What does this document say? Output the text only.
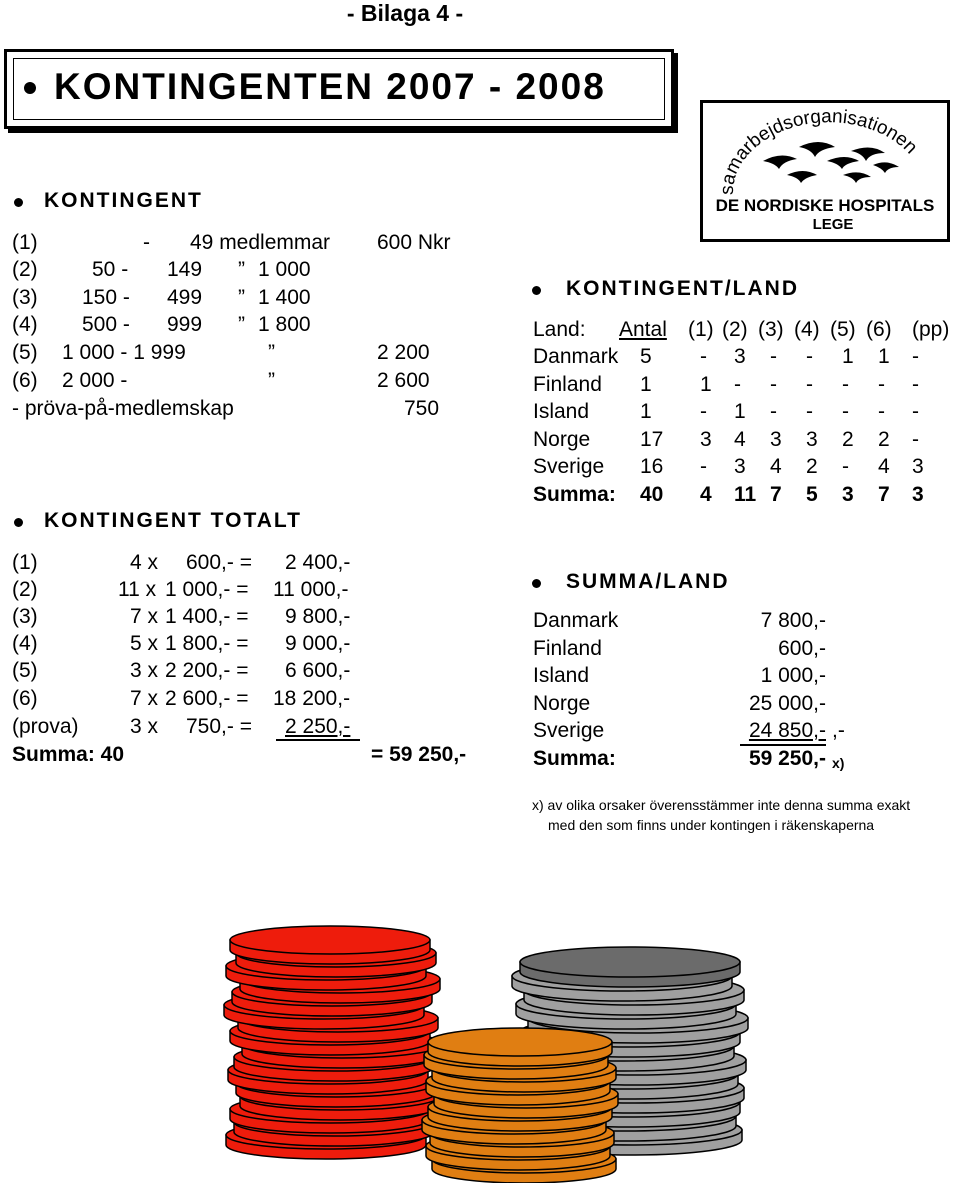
- Bilaga 4 -
KONTINGENTEN 2007 - 2008
samarbejdsorganisationen
DE NORDISKE HOSPITALS
LEGE
KONTINGENT
(1)	- 49 medlemmar 600 Nkr
(2)	50 - 149 ” 1 000
(3) 150 - 499 ” 1 400
(4) 500 - 999 ” 1 800
(5) 1 000 - 1 999	”	2 200
(6) 2 000 -	”	2 600
- pröva-på-medlemskap	750
KONTINGENT TOTALT
(1)	4 x 600,- = 2 400,-
(2)	11 x 1 000,- = 11 000,-
(3)	7 x 1 400,- = 9 800,-
(4)	5 x 1 800,- = 9 000,-
(5)	3 x 2 200,- = 6 600,-
(6)	7 x 2 600,- = 18 200,-
(prova) 3 x 750,- = 2 250,-
Summa: 40	= 59 250,-
KONTINGENT/LAND
Land: Antal (1) (2) (3) (4) (5) (6) (pp)
Danmark 5 - 3 - - 1 1 -
Finland 1 1 - - - - - -
Island 1 - 1 - - - - -
Norge 17 3 4 3 3 2 2 -
Sverige 16 - 3 4 2 - 4 3
Summa: 40 4 11 7 5 3 7 3
SUMMA/LAND
Danmark	7 800,-
Finland	600,-
Island	1 000,-
Norge	25 000,-
Sverige	24 850,- ,-
Summa:	59 250,- x)
x) av olika orsaker överensstämmer inte denna summa exakt
med den som finns under kontingen i räkenskaperna
